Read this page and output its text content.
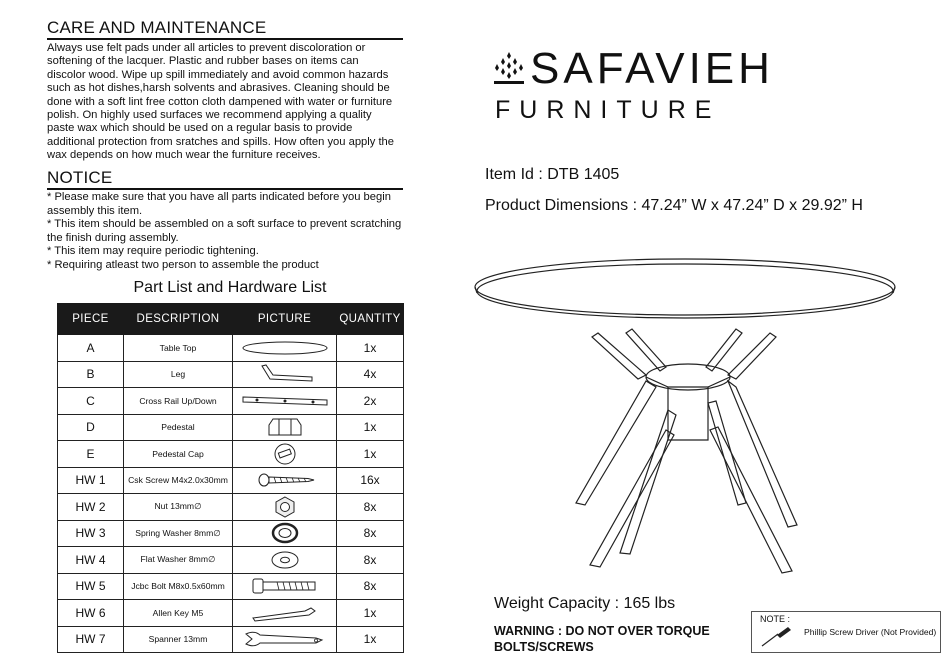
CARE AND MAINTENANCE
Always use felt pads under all articles to prevent discoloration or
softening of the lacquer. Plastic and rubber bases on items can
discolor wood. Wipe up spill immediately and avoid common hazards
such as hot dishes,harsh solvents and abrasives. Cleaning should be
done with a soft lint free cotton cloth dampened with water or furniture
polish. On highly used surfaces we recommend applying a quality
paste wax which should be used on a regular basis to provide
additional protection from sratches and spills. How often you apply the
wax depends on how much wear the furniture receives.
NOTICE
* Please make sure that you have all parts indicated before you begin
assembly this item.
* This item should be assembled on a soft surface to prevent scratching
the finish during assembly.
* This item may require periodic tightening.
* Requiring atleast two person to assemble the product
Part List and Hardware List
PIECE	DESCRIPTION	PICTURE	QUANTITY
A	Table Top		1x
B	Leg		4x
C	Cross Rail Up/Down		2x
D	Pedestal		1x
E	Pedestal Cap		1x
HW 1	Csk Screw M4x2.0x30mm		16x
HW 2	Nut 13mm∅		8x
HW 3	Spring Washer 8mm∅		8x
HW 4	Flat Washer 8mm∅		8x
HW 5	Jcbc Bolt M8x0.5x60mm		8x
HW 6	Allen Key M5		1x
HW 7	Spanner 13mm		1x
SAFAVIEH
FURNITURE
Item Id : DTB 1405
Product Dimensions : 47.24” W x 47.24” D x 29.92” H
Weight Capacity : 165 lbs
WARNING : DO NOT OVER TORQUE
BOLTS/SCREWS
NOTE :
Phillip Screw Driver (Not Provided)
